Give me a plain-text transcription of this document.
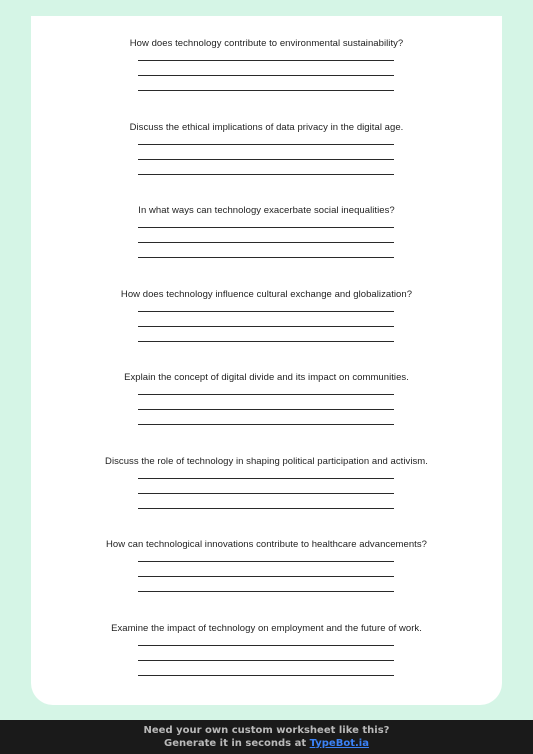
How does technology contribute to environmental sustainability?
Discuss the ethical implications of data privacy in the digital age.
In what ways can technology exacerbate social inequalities?
How does technology influence cultural exchange and globalization?
Explain the concept of digital divide and its impact on communities.
Discuss the role of technology in shaping political participation and activism.
How can technological innovations contribute to healthcare advancements?
Examine the impact of technology on employment and the future of work.
Need your own custom worksheet like this?
Generate it in seconds at TypeBot.ia
